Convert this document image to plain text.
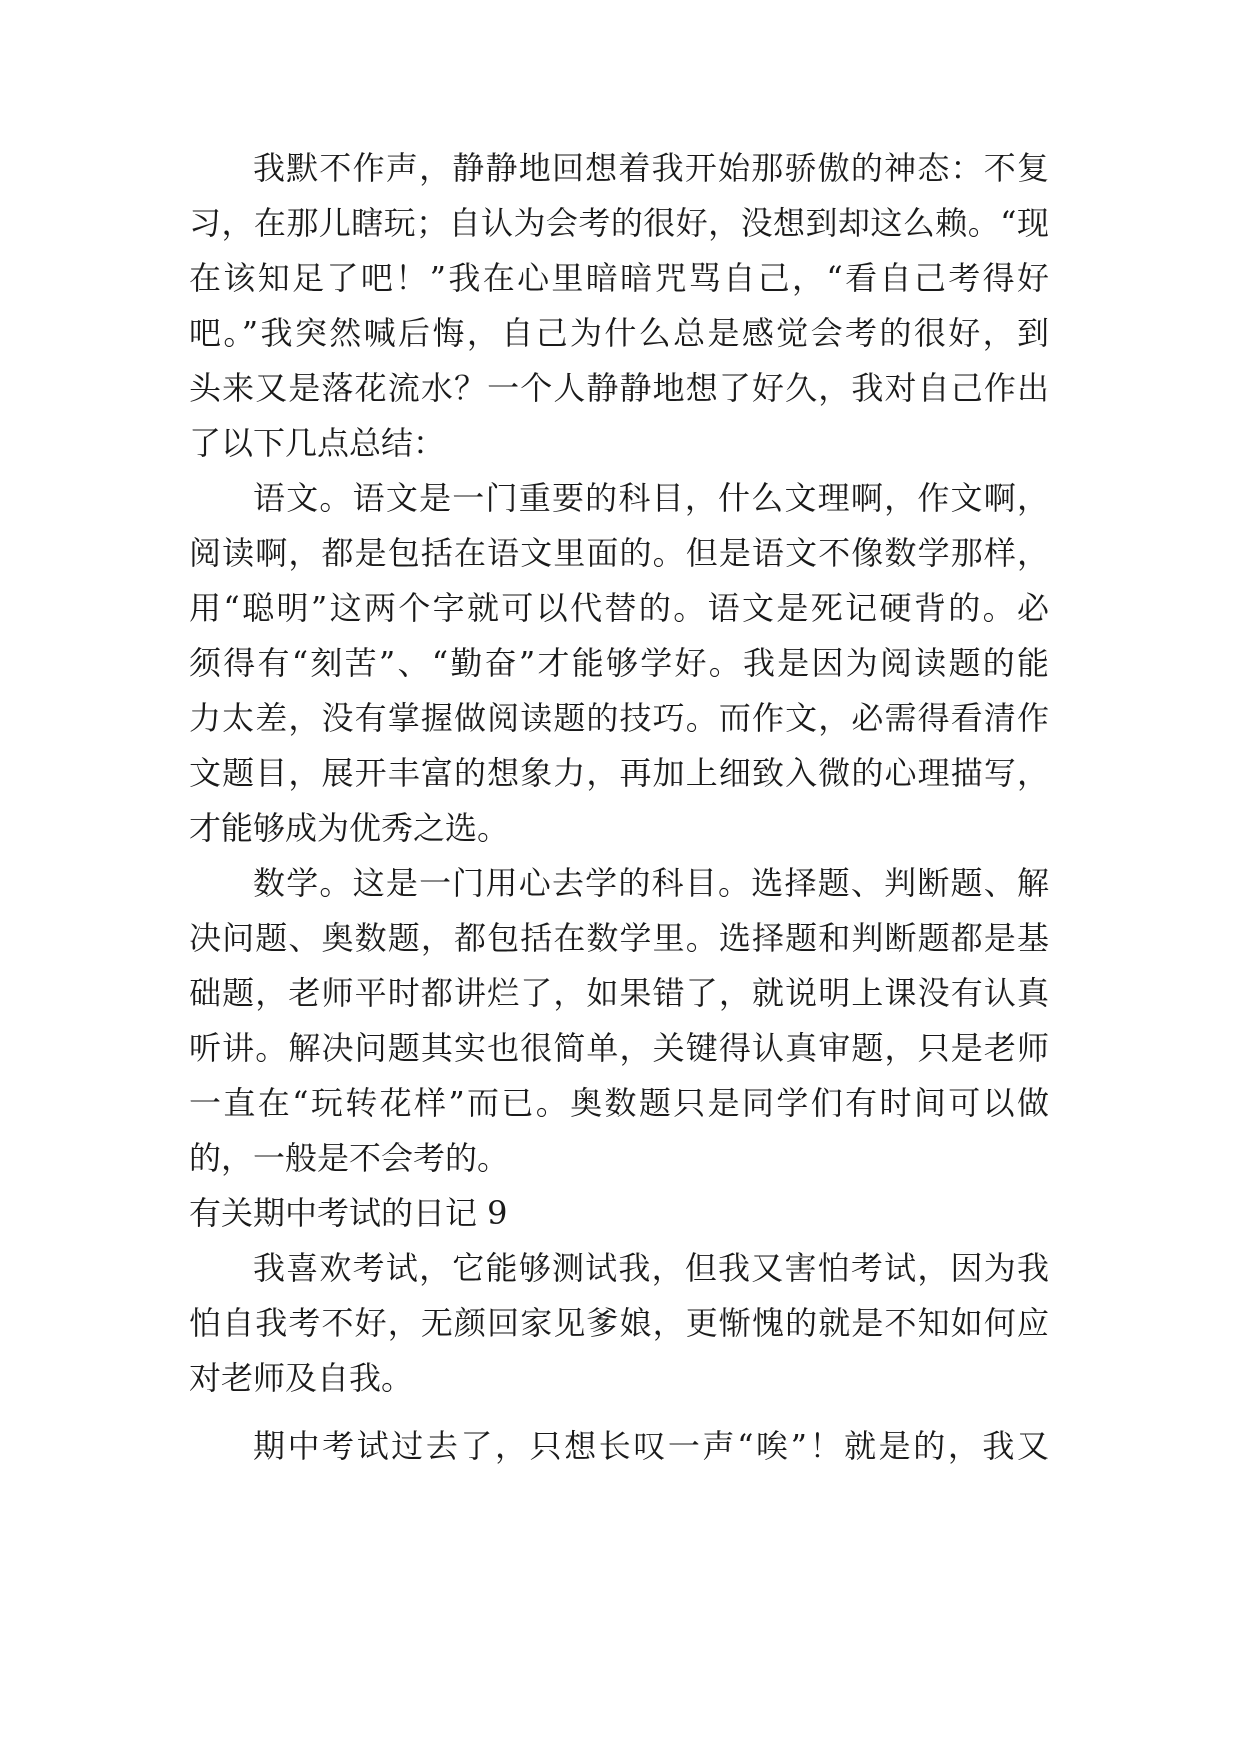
我默不作声，静静地回想着我开始那骄傲的神态：不复
习，在那儿瞎玩；自认为会考的很好，没想到却这么赖。“现
在该知足了吧！”我在心里暗暗咒骂自己，“看自己考得好
吧。”我突然喊后悔，自己为什么总是感觉会考的很好，到
头来又是落花流水？一个人静静地想了好久，我对自己作出
了以下几点总结：
语文。语文是一门重要的科目，什么文理啊，作文啊，
阅读啊，都是包括在语文里面的。但是语文不像数学那样，
用“聪明”这两个字就可以代替的。语文是死记硬背的。必
须得有“刻苦”、“勤奋”才能够学好。我是因为阅读题的能
力太差，没有掌握做阅读题的技巧。而作文，必需得看清作
文题目，展开丰富的想象力，再加上细致入微的心理描写，
才能够成为优秀之选。
数学。这是一门用心去学的科目。选择题、判断题、解
决问题、奥数题，都包括在数学里。选择题和判断题都是基
础题，老师平时都讲烂了，如果错了，就说明上课没有认真
听讲。解决问题其实也很简单，关键得认真审题，只是老师
一直在“玩转花样”而已。奥数题只是同学们有时间可以做
的，一般是不会考的。
有关期中考试的日记 9
我喜欢考试，它能够测试我，但我又害怕考试，因为我
怕自我考不好，无颜回家见爹娘，更惭愧的就是不知如何应
对老师及自我。
期中考试过去了，只想长叹一声“唉”！就是的，我又
